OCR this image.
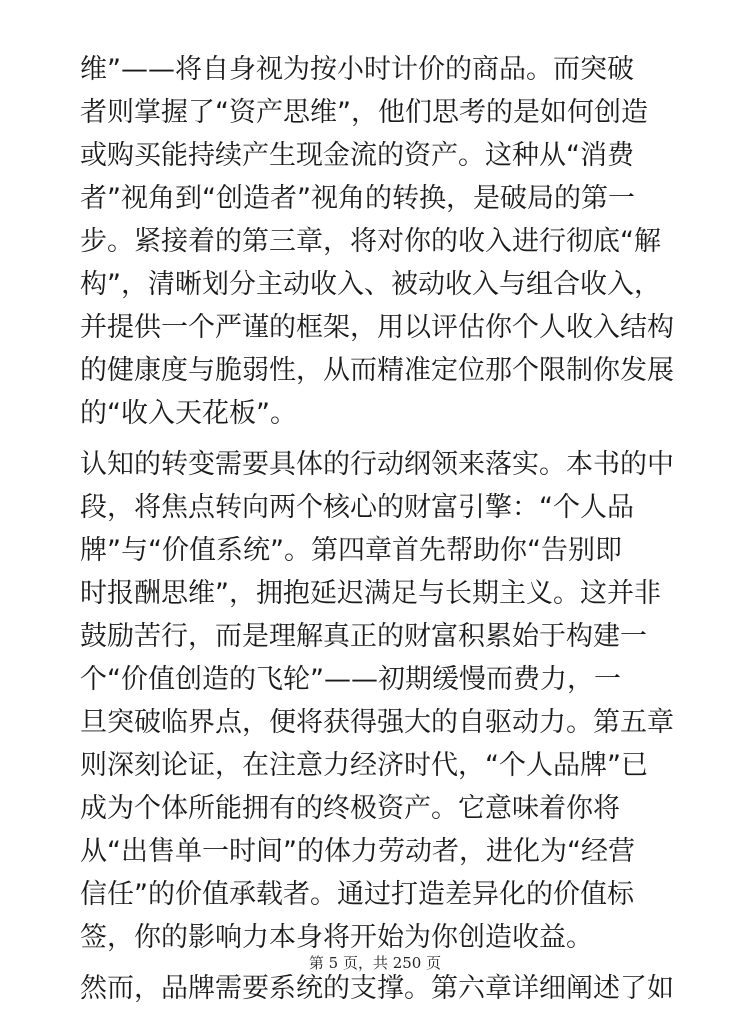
维”——将自身视为按小时计价的商品。而突破
者则掌握了“资产思维”，他们思考的是如何创造
或购买能持续产生现金流的资产。这种从“消费
者”视角到“创造者”视角的转换，是破局的第一
步。紧接着的第三章，将对你的收入进行彻底“解
构”，清晰划分主动收入、被动收入与组合收入，
并提供一个严谨的框架，用以评估你个人收入结构
的健康度与脆弱性，从而精准定位那个限制你发展
的“收入天花板”。

认知的转变需要具体的行动纲领来落实。本书的中
段，将焦点转向两个核心的财富引擎：“个人品
牌”与“价值系统”。第四章首先帮助你“告别即
时报酬思维”，拥抱延迟满足与长期主义。这并非
鼓励苦行，而是理解真正的财富积累始于构建一
个“价值创造的飞轮”——初期缓慢而费力，一
旦突破临界点，便将获得强大的自驱动力。第五章
则深刻论证，在注意力经济时代，“个人品牌”已
成为个体所能拥有的终极资产。它意味着你将
从“出售单一时间”的体力劳动者，进化为“经营
信任”的价值承载者。通过打造差异化的价值标
签，你的影响力本身将开始为你创造收益。

然而，品牌需要系统的支撑。第六章详细阐述了如

第 5 页，共 250 页
